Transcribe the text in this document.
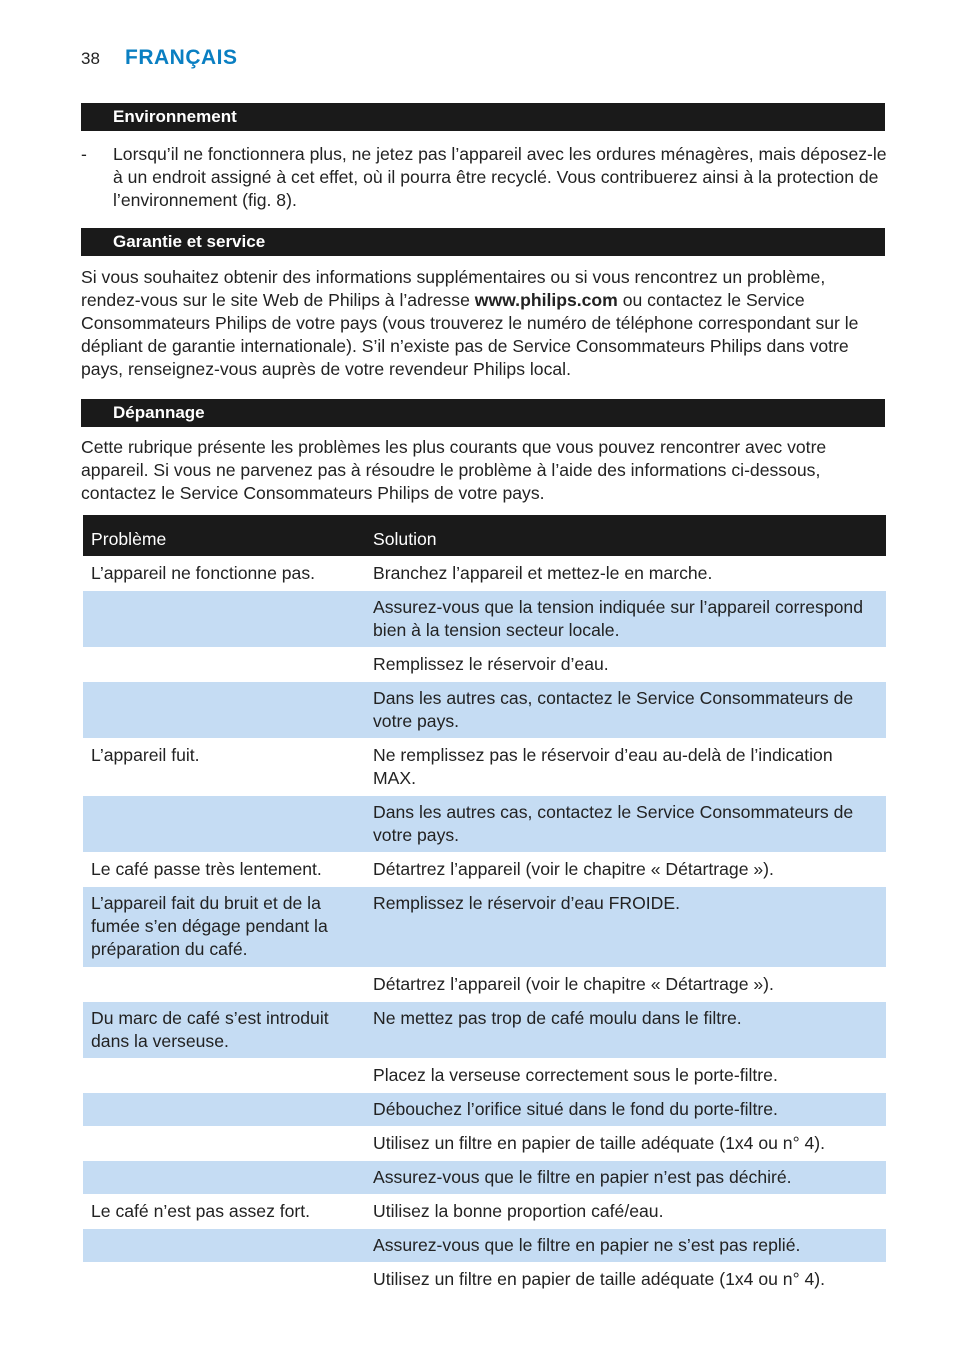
38	FRANÇAIS
Environnement
-	Lorsqu’il ne fonctionnera plus, ne jetez pas l’appareil avec les ordures ménagères, mais déposez-le à un endroit assigné à cet effet, où il pourra être recyclé. Vous contribuerez ainsi à la protection de l’environnement (fig. 8).
Garantie et service
Si vous souhaitez obtenir des informations supplémentaires ou si vous rencontrez un problème, rendez-vous sur le site Web de Philips à l’adresse www.philips.com ou contactez le Service Consommateurs Philips de votre pays (vous trouverez le numéro de téléphone correspondant sur le dépliant de garantie internationale). S’il n’existe pas de Service Consommateurs Philips dans votre pays, renseignez-vous auprès de votre revendeur Philips local.
Dépannage
Cette rubrique présente les problèmes les plus courants que vous pouvez rencontrer avec votre appareil. Si vous ne parvenez pas à résoudre le problème à l’aide des informations ci-dessous, contactez le Service Consommateurs Philips de votre pays.
Problème	Solution
L’appareil ne fonctionne pas.	Branchez l’appareil et mettez-le en marche.
	Assurez-vous que la tension indiquée sur l’appareil correspond bien à la tension secteur locale.
	Remplissez le réservoir d’eau.
	Dans les autres cas, contactez le Service Consommateurs de votre pays.
L’appareil fuit.	Ne remplissez pas le réservoir d’eau au-delà de l’indication MAX.
	Dans les autres cas, contactez le Service Consommateurs de votre pays.
Le café passe très lentement.	Détartrez l’appareil (voir le chapitre « Détartrage »).
L’appareil fait du bruit et de la fumée s’en dégage pendant la préparation du café.	Remplissez le réservoir d’eau FROIDE.
	Détartrez l’appareil (voir le chapitre « Détartrage »).
Du marc de café s’est introduit dans la verseuse.	Ne mettez pas trop de café moulu dans le filtre.
	Placez la verseuse correctement sous le porte-filtre.
	Débouchez l’orifice situé dans le fond du porte-filtre.
	Utilisez un filtre en papier de taille adéquate (1x4 ou n° 4).
	Assurez-vous que le filtre en papier n’est pas déchiré.
Le café n’est pas assez fort.	Utilisez la bonne proportion café/eau.
	Assurez-vous que le filtre en papier ne s’est pas replié.
	Utilisez un filtre en papier de taille adéquate (1x4 ou n° 4).
